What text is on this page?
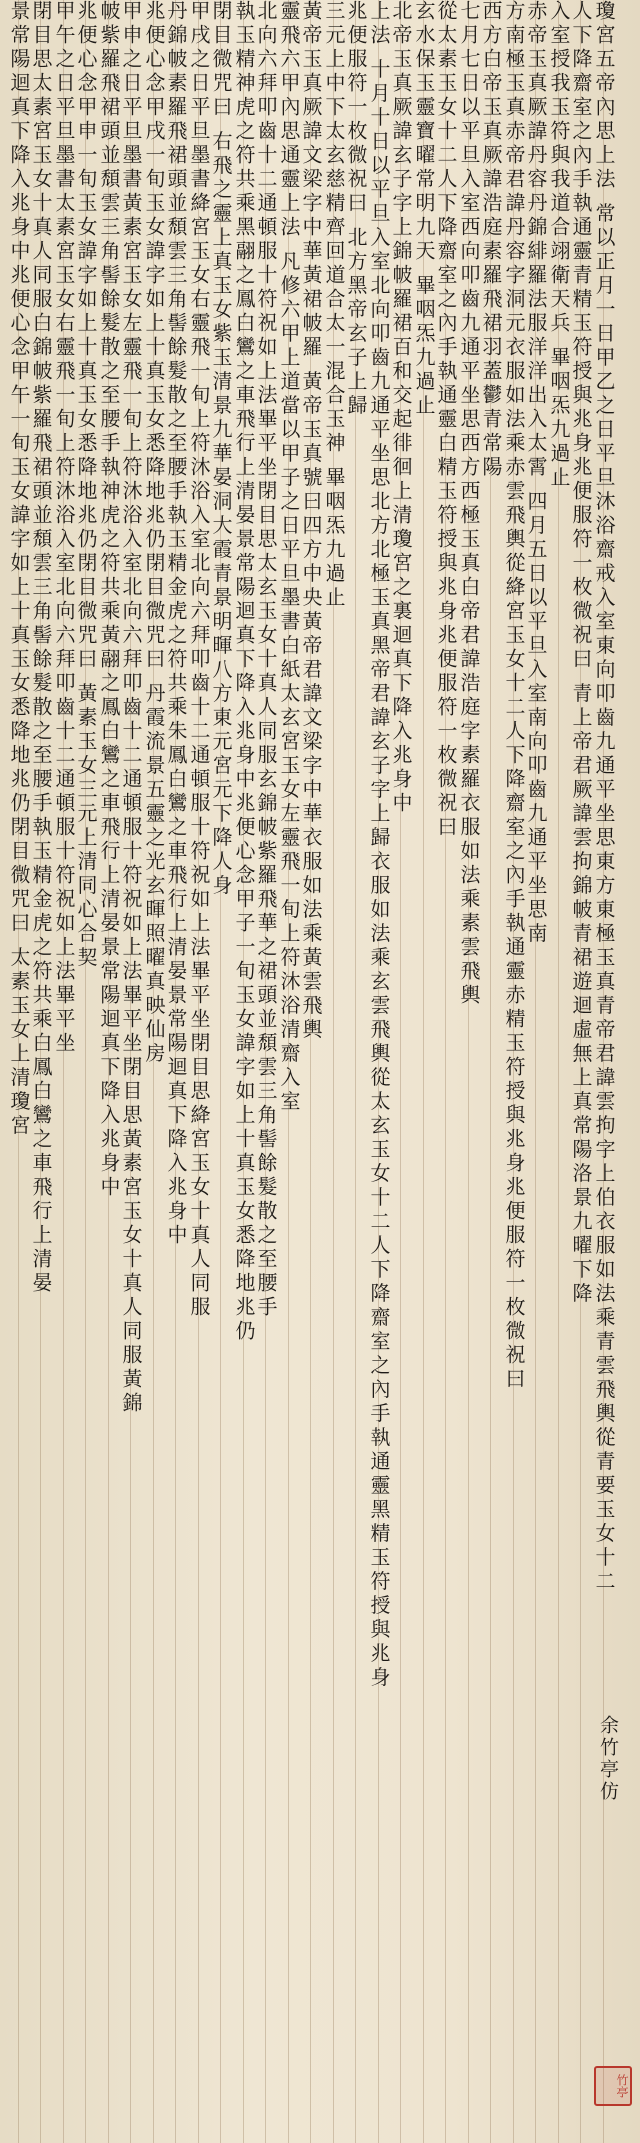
瓊宮五帝內思上法 常以正月一日甲乙之日平旦沐浴齋戒入室東向叩齒九通平坐思東方東極玉真青帝君諱雲拘字上伯衣服如法乘青雲飛輿從青要玉女十二
人下降齋室之內手執通靈青精玉符授與兆身兆便服符一枚微祝曰 青上帝君厥諱雲拘錦帔青裙遊迴虛無上真常陽洛景九曜下降
入室授我玉符與我道合翊衛天兵 畢咽炁九過止
赤帝玉真厥諱丹容丹錦緋羅法服洋洋出入太霄 四月五日以平旦入室南向叩齒九通平坐思南
方南極玉真赤帝君諱丹容字洞元衣服如法乘赤雲飛輿從絳宮玉女十二人下降齋室之內手執通靈赤精玉符授與兆身兆便服符一枚微祝曰
西方白帝玉真厥諱浩庭素羅飛裙羽蓋鬱青常陽
七月七日以平旦入室西向叩齒九通平坐思西方西極玉真白帝君諱浩庭字素羅衣服如法乘素雲飛輿
從太素玉女十二人下降齋室之內手執通靈白精玉符授與兆身兆便服符一枚微祝曰
玄水保玉靈寶曜常明九天 畢咽炁九過止
北帝玉真厥諱玄子字上錦帔羅裙百和交起徘徊上清瓊宮之裏迴真下降入兆身中
上法 十月十日以平旦入室北向叩齒九通平坐思北方北極玉真黑帝君諱玄子字上歸衣服如法乘玄雲飛輿從太玄玉女十二人下降齋室之內手執通靈黑精玉符授與兆身
兆便服符一枚微祝曰 北方黑帝玄子上歸
三元上中下太玄慈精齊回道合太一混合玉神 畢咽炁九過止
黃帝玉真厥諱文梁字中華黃裙帔羅 黃帝玉真號曰四方中央黃帝君諱文梁字中華衣服如法乘黃雲飛輿
靈飛六甲內思通靈上法 凡修六甲上道當以甲子之日平旦墨書白紙太玄宮玉女左靈飛一旬上符沐浴清齋入室
北向六拜叩齒十二通頓服十符祝如上法畢平坐閉目思太玄玉女十真人同服玄錦帔紫羅飛華之裙頭並頹雲三角髻餘髮散之至腰手
執玉精神虎之符共乘黑翮之鳳白鸞之車飛行上清晏景常陽迴真下降入兆身中兆便心念甲子一旬玉女諱字如上十真玉女悉降地兆仍
閉目微咒曰 右飛之靈上真玉女紫玉清景九華晏洞大霞青景明暉八方東元宮元下降人身
甲戌之日平旦墨書絳宮玉女右靈飛一旬上符沐浴入室北向六拜叩齒十二通頓服十符祝如上法畢平坐閉目思絳宮玉女十真人同服
丹錦帔素羅飛裙頭並頹雲三角髻餘髮散之至腰手執玉精金虎之符共乘朱鳳白鸞之車飛行上清晏景常陽迴真下降入兆身中
兆便心念甲戌一旬玉女諱字如上十真玉女悉降地兆仍閉目微咒曰 丹霞流景五靈之光玄暉照曜真映仙房
甲申之日平旦墨書黃素宮玉女左靈飛一旬上符沐浴入室北向六拜叩齒十二通頓服十符祝如上法畢平坐閉目思黃素宮玉女十真人同服黃錦
帔紫羅飛裙頭並頹雲三角髻餘髮散之至腰手執神虎之符共乘黃翮之鳳白鸞之車飛行上清晏景常陽迴真下降入兆身中
兆便心念甲申一旬玉女諱字如上十真玉女悉降地兆仍閉目微咒曰 黃素玉女三元上清同心合契
甲午之日平旦墨書太素宮玉女右靈飛一旬上符沐浴入室北向六拜叩齒十二通頓服十符祝如上法畢平坐
閉目思太素宮玉女十真人同服白錦帔紫羅飛裙頭並頹雲三角髻餘髮散之至腰手執玉精金虎之符共乘白鳳白鸞之車飛行上清晏
景常陽迴真下降入兆身中兆便心念甲午一旬玉女諱字如上十真玉女悉降地兆仍閉目微咒曰 太素玉女上清瓊宮
余竹亭仿
竹亭
